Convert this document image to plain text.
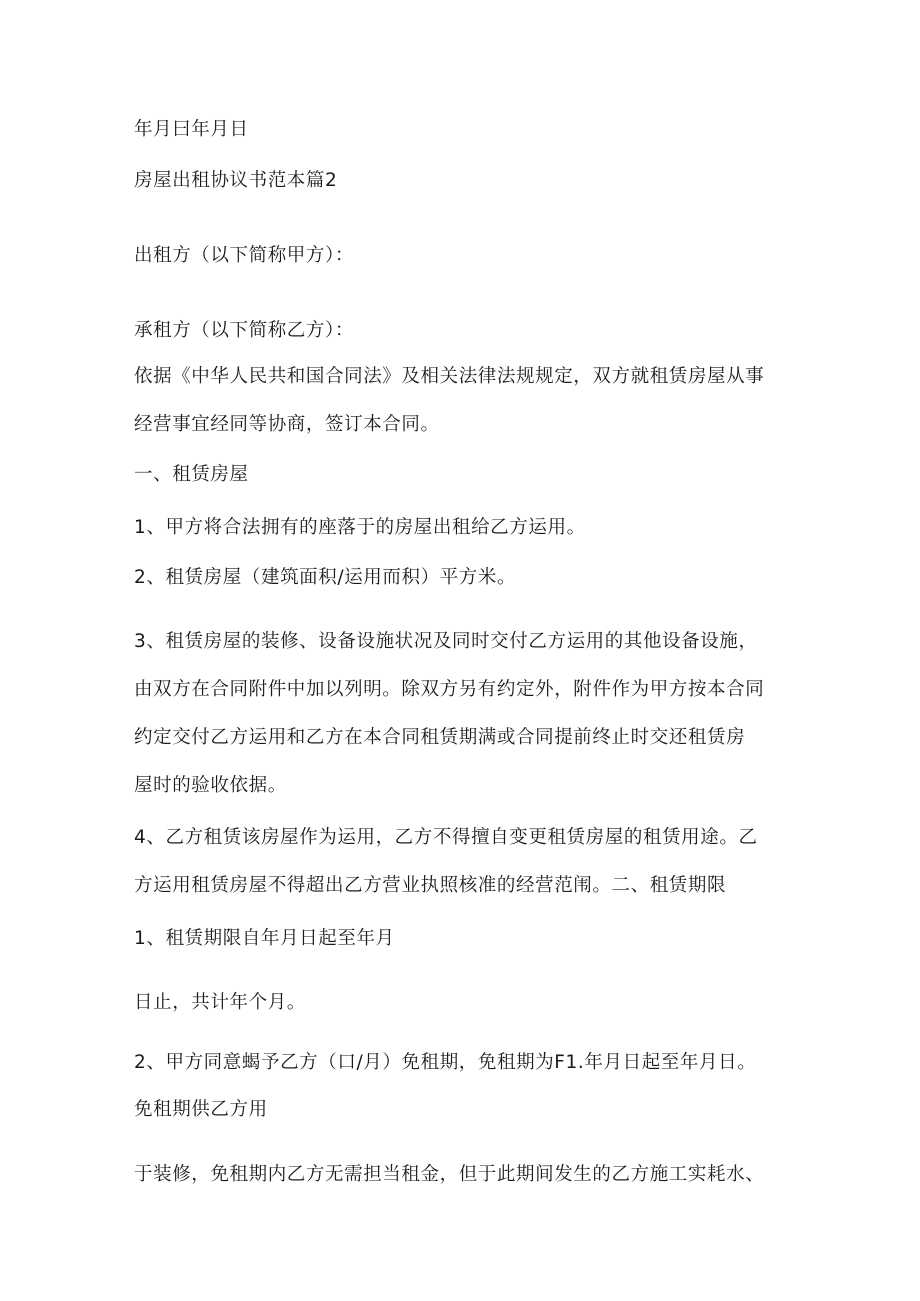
年月曰年月日

房屋出租协议书范本篇2

出租方（以下简称甲方）：

承租方（以下简称乙方）：

依据《中华人民共和国合同法》及相关法律法规规定，双方就租赁房屋从事

经营事宜经同等协商，签订本合同。

一、租赁房屋

1、甲方将合法拥有的座落于的房屋出租给乙方运用。

2、租赁房屋（建筑面积/运用而积）平方米。

3、租赁房屋的装修、设备设施状况及同时交付乙方运用的其他设备设施，

由双方在合同附件中加以列明。除双方另有约定外，附件作为甲方按本合同

约定交付乙方运用和乙方在本合同租赁期满或合同提前终止时交还租赁房

屋时的验收依据。

4、乙方租赁该房屋作为运用，乙方不得擅自变更租赁房屋的租赁用途。乙

方运用租赁房屋不得超出乙方营业执照核准的经营范闱。二、租赁期限

1、租赁期限自年月日起至年月

日止，共计年个月。

2、甲方同意蝎予乙方（口/月）免租期，免租期为F1.年月日起至年月日。

免租期供乙方用

于装修，免租期内乙方无需担当租金，但于此期间发生的乙方施工实耗水、
